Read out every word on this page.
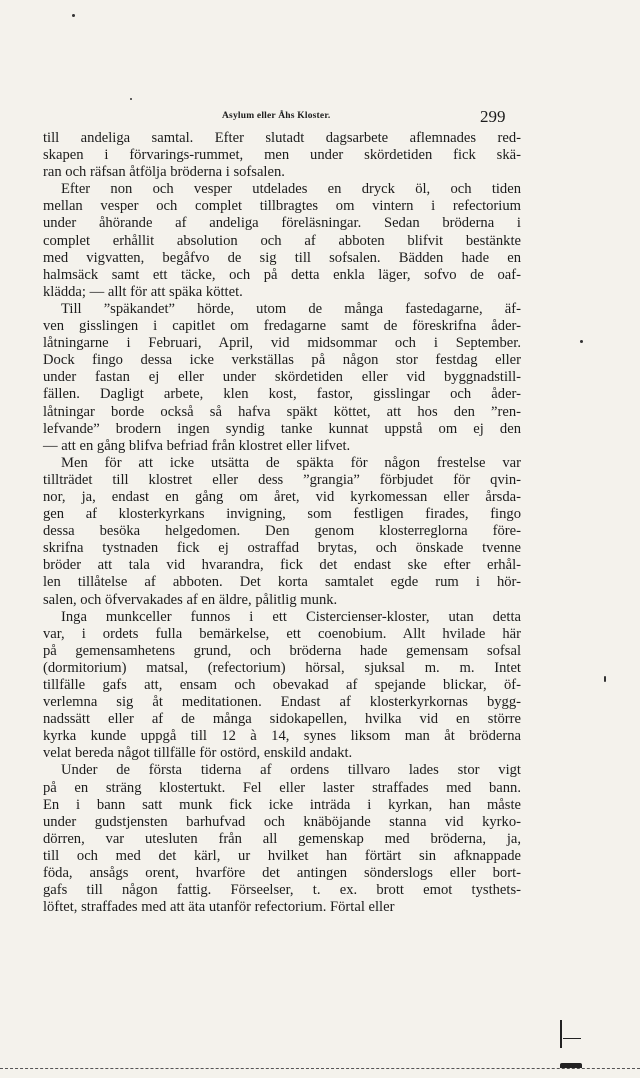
Asylum eller Åhs Kloster.	299
till andeliga samtal. Efter slutadt dagsarbete aflemnades red-
skapen i förvarings-rummet, men under skördetiden fick skä-
ran och räfsan åtfölja bröderna i sofsalen.
Efter non och vesper utdelades en dryck öl, och tiden
mellan vesper och complet tillbragtes om vintern i refectorium
under åhörande af andeliga föreläsningar. Sedan bröderna i
complet erhållit absolution och af abboten blifvit bestänkte
med vigvatten, begåfvo de sig till sofsalen. Bädden hade en
halmsäck samt ett täcke, och på detta enkla läger, sofvo de oaf-
klädda; — allt för att späka köttet.
Till ”späkandet” hörde, utom de många fastedagarne, äf-
ven gisslingen i capitlet om fredagarne samt de föreskrifna åder-
låtningarne i Februari, April, vid midsommar och i September.
Dock fingo dessa icke verkställas på någon stor festdag eller
under fastan ej eller under skördetiden eller vid byggnadstill-
fällen. Dagligt arbete, klen kost, fastor, gisslingar och åder-
låtningar borde också så hafva späkt köttet, att hos den ”ren-
lefvande” brodern ingen syndig tanke kunnat uppstå om ej den
— att en gång blifva befriad från klostret eller lifvet.
Men för att icke utsätta de späkta för någon frestelse var
tillträdet till klostret eller dess ”grangia” förbjudet för qvin-
nor, ja, endast en gång om året, vid kyrkomessan eller årsda-
gen af klosterkyrkans invigning, som festligen firades, fingo
dessa besöka helgedomen. Den genom klosterreglorna före-
skrifna tystnaden fick ej ostraffad brytas, och önskade tvenne
bröder att tala vid hvarandra, fick det endast ske efter erhål-
len tillåtelse af abboten. Det korta samtalet egde rum i hör-
salen, och öfvervakades af en äldre, pålitlig munk.
Inga munkceller funnos i ett Cistercienser-kloster, utan detta
var, i ordets fulla bemärkelse, ett coenobium. Allt hvilade här
på gemensamhetens grund, och bröderna hade gemensam sofsal
(dormitorium) matsal, (refectorium) hörsal, sjuksal m. m. Intet
tillfälle gafs att, ensam och obevakad af spejande blickar, öf-
verlemna sig åt meditationen. Endast af klosterkyrkornas bygg-
nadssätt eller af de många sidokapellen, hvilka vid en större
kyrka kunde uppgå till 12 à 14, synes liksom man åt bröderna
velat bereda något tillfälle för ostörd, enskild andakt.
Under de första tiderna af ordens tillvaro lades stor vigt
på en sträng klostertukt. Fel eller laster straffades med bann.
En i bann satt munk fick icke inträda i kyrkan, han måste
under gudstjensten barhufvad och knäböjande stanna vid kyrko-
dörren, var utesluten från all gemenskap med bröderna, ja,
till och med det kärl, ur hvilket han förtärt sin afknappade
föda, ansågs orent, hvarföre det antingen sönderslogs eller bort-
gafs till någon fattig. Förseelser, t. ex. brott emot tysthets-
löftet, straffades med att äta utanför refectorium. Förtal eller
